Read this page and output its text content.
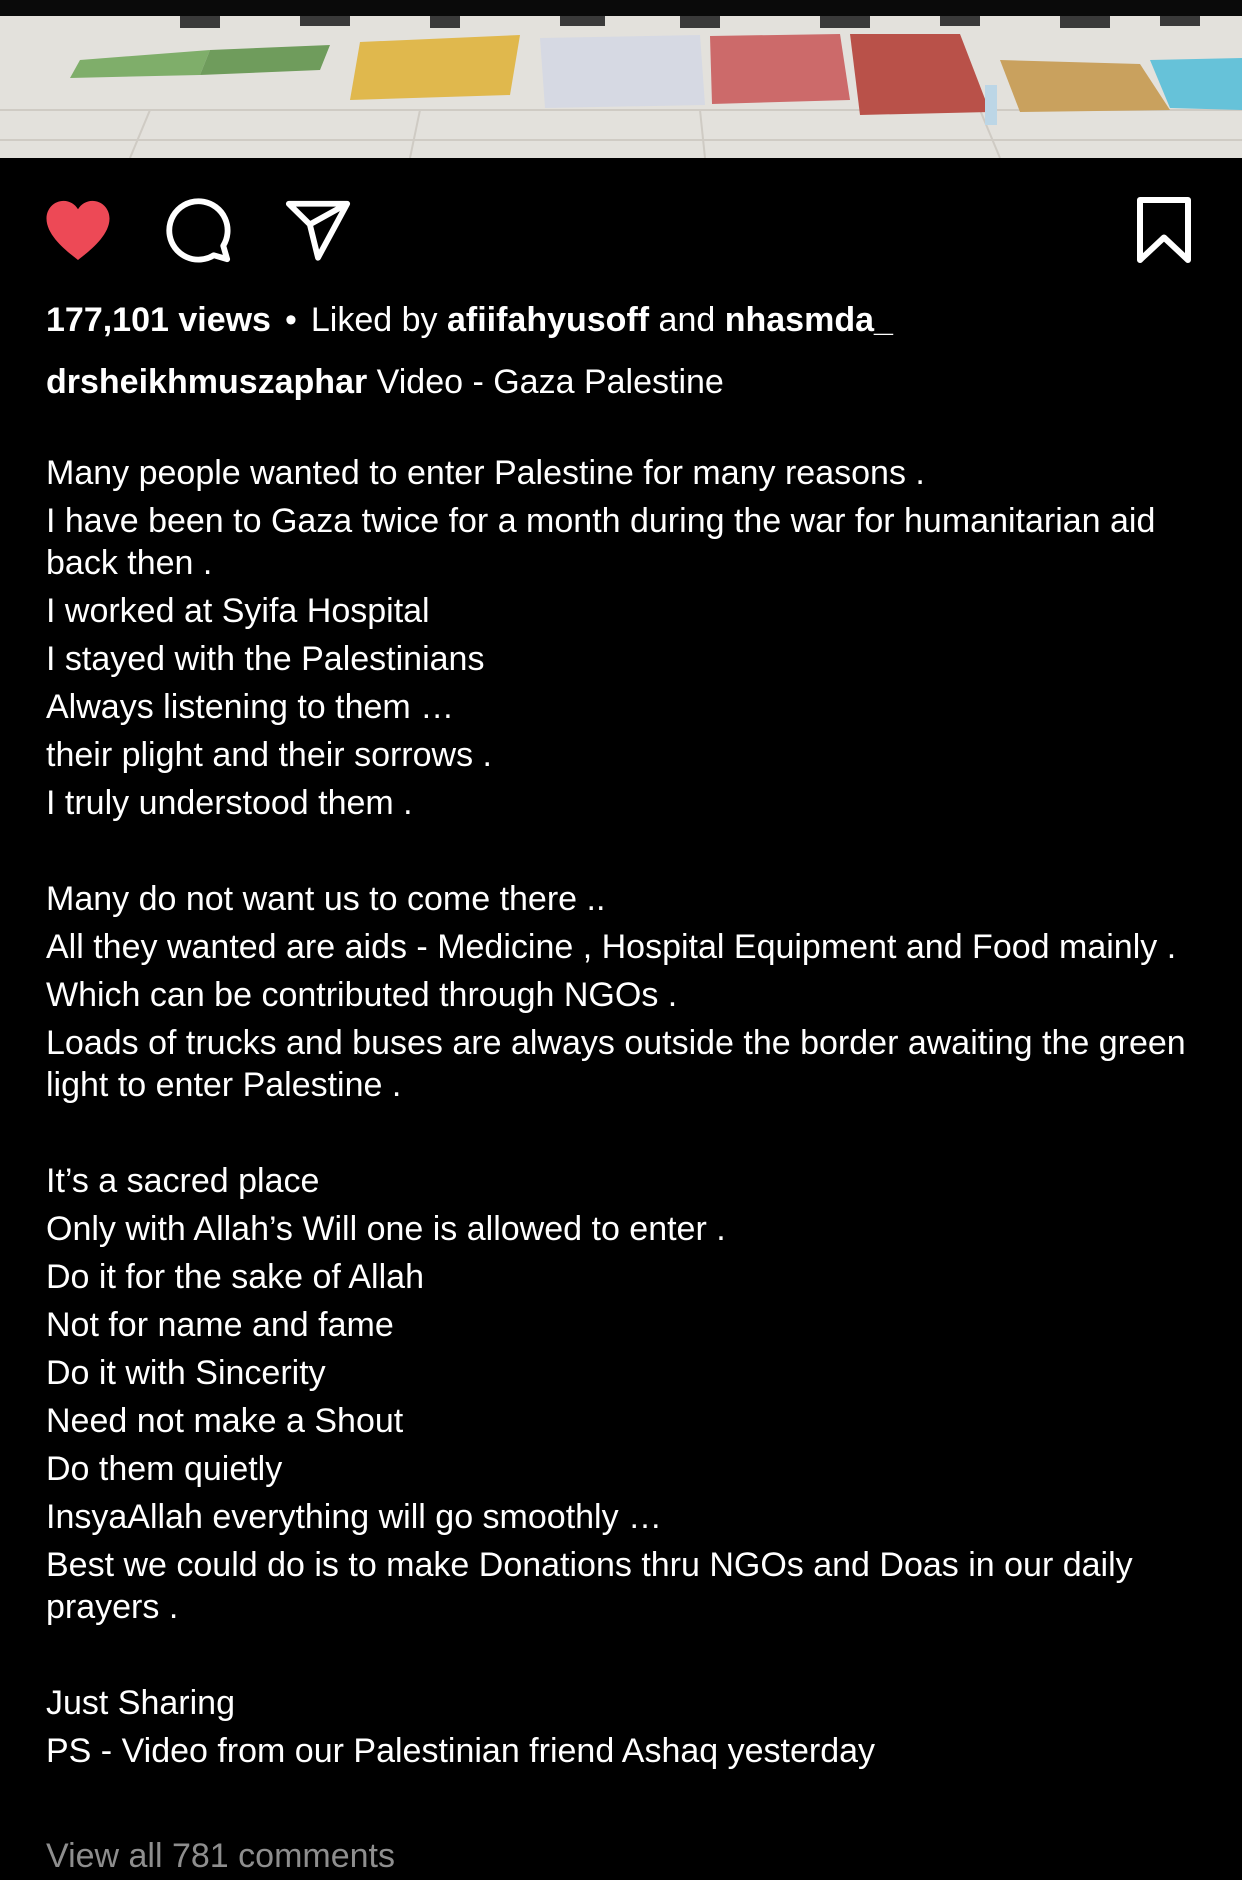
177,101 views • Liked by afiifahyusoff and nhasmda_
drsheikhmuszaphar Video - Gaza Palestine
Many people wanted to enter Palestine for many reasons .
I have been to Gaza twice for a month during the war for humanitarian aid back then .
I worked at Syifa Hospital
I stayed with the Palestinians
Always listening to them …
their plight and their sorrows .
I truly understood them .
Many do not want us to come there ..
All they wanted are aids - Medicine , Hospital Equipment and Food mainly .
Which can be contributed through NGOs .
Loads of trucks and buses are always outside the border awaiting the green light to enter Palestine .
It’s a sacred place
Only with Allah’s Will one is allowed to enter .
Do it for the sake of Allah
Not for name and fame
Do it with Sincerity
Need not make a Shout
Do them quietly
InsyaAllah everything will go smoothly …
Best we could do is to make Donations thru NGOs and Doas in our daily prayers .
Just Sharing
PS - Video from our Palestinian friend Ashaq yesterday
View all 781 comments
